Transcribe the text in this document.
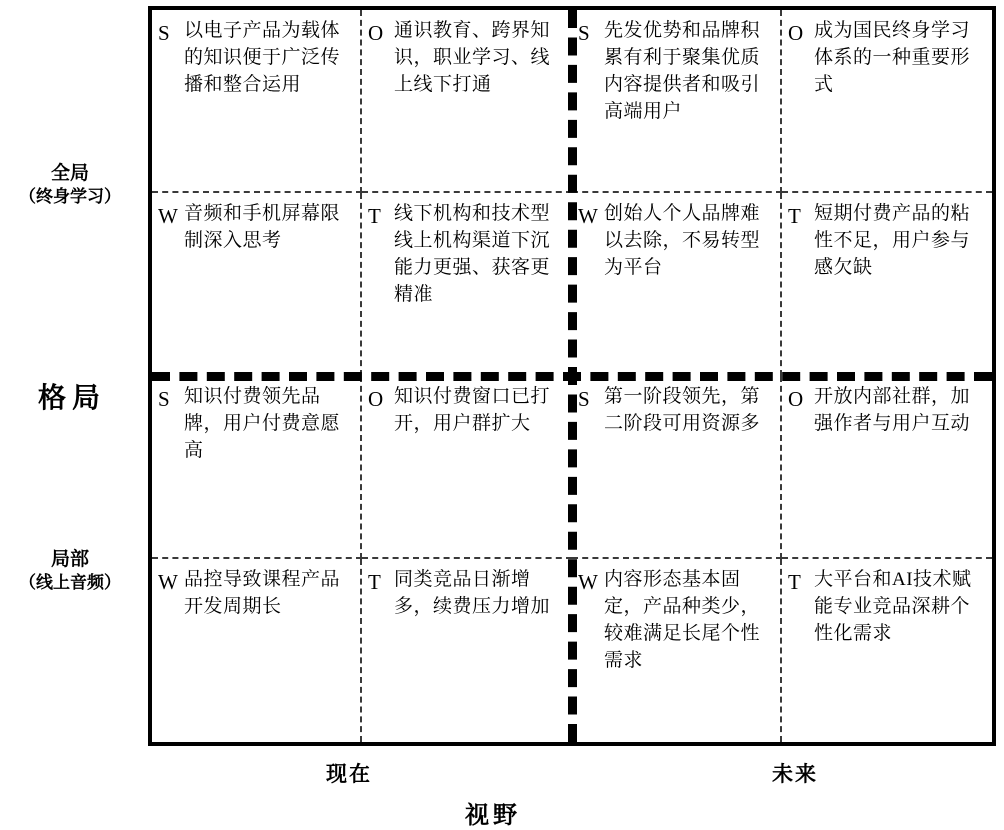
格局
全局
（终身学习）
局部
（线上音频）
S 以电子产品为载体的知识便于广泛传播和整合运用
O 通识教育、跨界知识，职业学习、线上线下打通
W 音频和手机屏幕限制深入思考
T 线下机构和技术型线上机构渠道下沉能力更强、获客更精准
S 先发优势和品牌积累有利于聚集优质内容提供者和吸引高端用户
O 成为国民终身学习体系的一种重要形式
W 创始人个人品牌难以去除，不易转型为平台
T 短期付费产品的粘性不足，用户参与感欠缺
S 知识付费领先品牌，用户付费意愿高
O 知识付费窗口已打开，用户群扩大
W 品控导致课程产品开发周期长
T 同类竞品日渐增多，续费压力增加
S 第一阶段领先，第二阶段可用资源多
O 开放内部社群，加强作者与用户互动
W 内容形态基本固定，产品种类少，较难满足长尾个性需求
T 大平台和AI技术赋能专业竞品深耕个性化需求
现在	未来
视野
